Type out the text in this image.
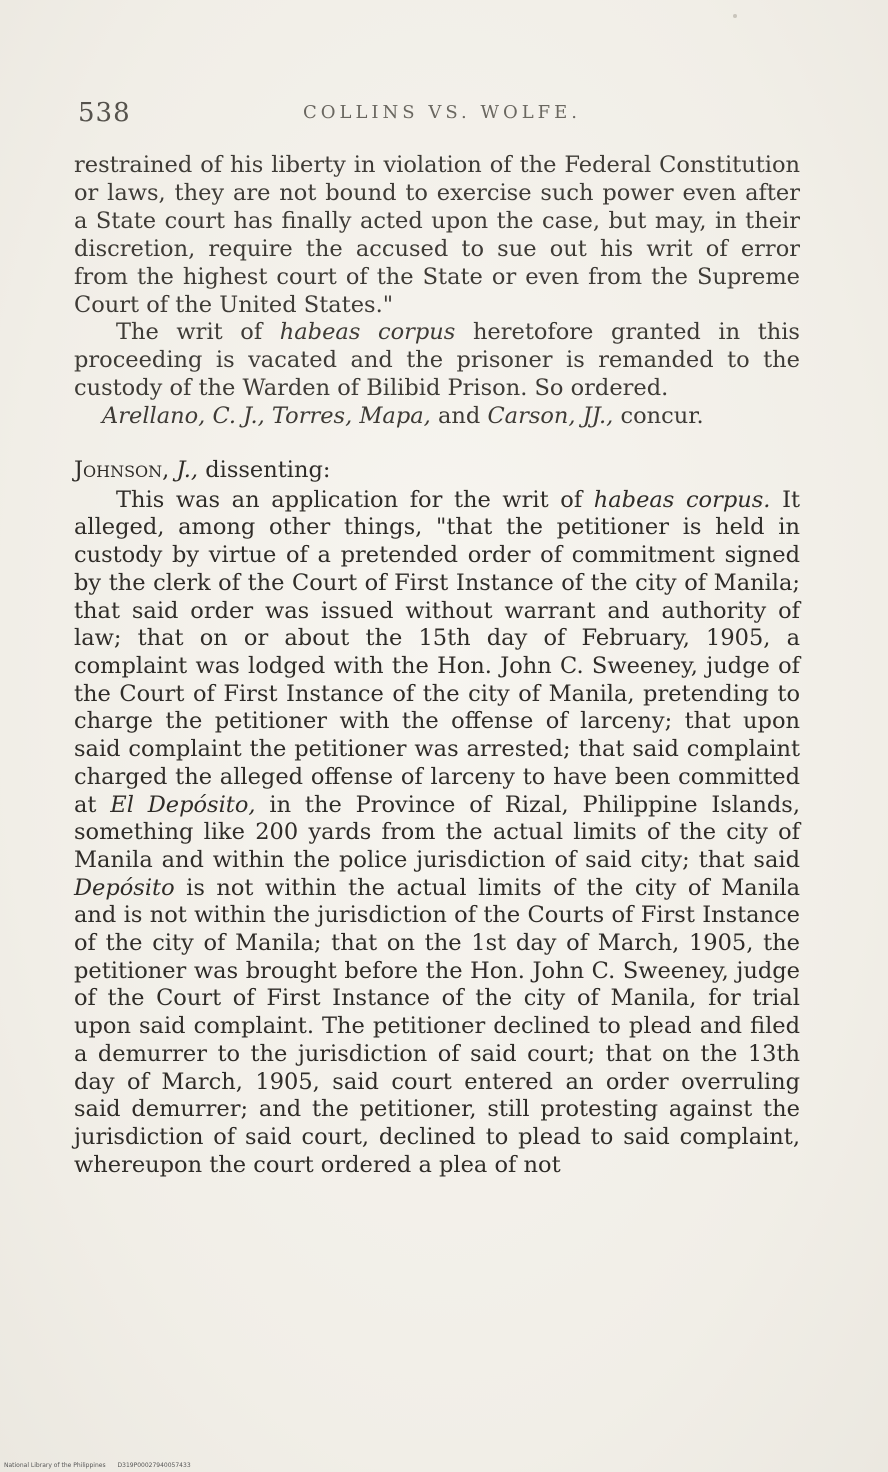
538	COLLINS VS. WOLFE.

restrained of his liberty in violation of the Federal Constitution or laws, they are not bound to exercise such power even after a State court has finally acted upon the case, but may, in their discretion, require the accused to sue out his writ of error from the highest court of the State or even from the Supreme Court of the United States."

The writ of habeas corpus heretofore granted in this proceeding is vacated and the prisoner is remanded to the custody of the Warden of Bilibid Prison. So ordered.

Arellano, C. J., Torres, Mapa, and Carson, JJ., concur.

Johnson, J., dissenting:

This was an application for the writ of habeas corpus. It alleged, among other things, "that the petitioner is held in custody by virtue of a pretended order of commitment signed by the clerk of the Court of First Instance of the city of Manila; that said order was issued without warrant and authority of law; that on or about the 15th day of February, 1905, a complaint was lodged with the Hon. John C. Sweeney, judge of the Court of First Instance of the city of Manila, pretending to charge the petitioner with the offense of larceny; that upon said complaint the petitioner was arrested; that said complaint charged the alleged offense of larceny to have been committed at El Depósito, in the Province of Rizal, Philippine Islands, something like 200 yards from the actual limits of the city of Manila and within the police jurisdiction of said city; that said Depósito is not within the actual limits of the city of Manila and is not within the jurisdiction of the Courts of First Instance of the city of Manila; that on the 1st day of March, 1905, the petitioner was brought before the Hon. John C. Sweeney, judge of the Court of First Instance of the city of Manila, for trial upon said complaint. The petitioner declined to plead and filed a demurrer to the jurisdiction of said court; that on the 13th day of March, 1905, said court entered an order overruling said demurrer; and the petitioner, still protesting against the jurisdiction of said court, declined to plead to said complaint, whereupon the court ordered a plea of not

National Library of the Philippines D319P00027940057433
